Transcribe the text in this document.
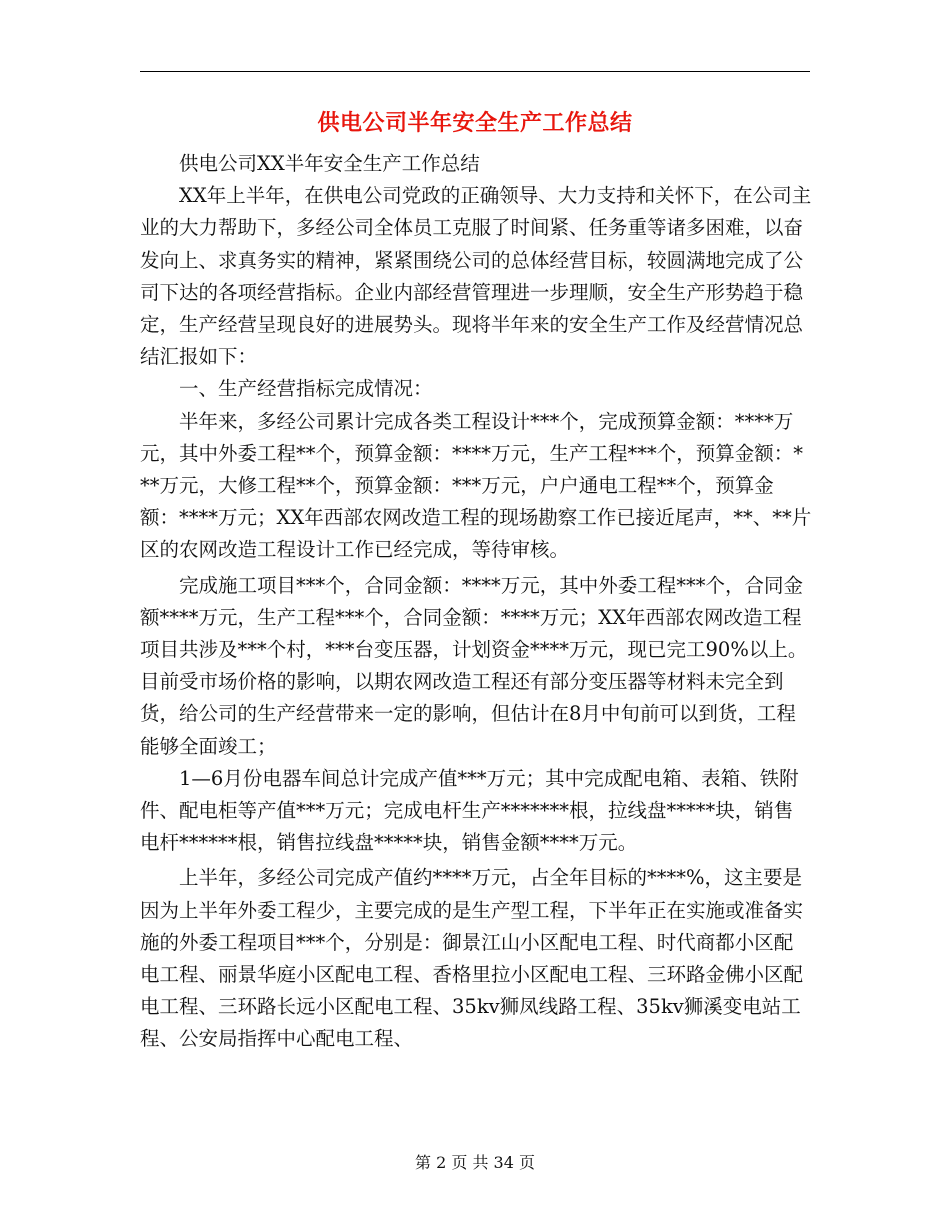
供电公司半年安全生产工作总结

供电公司XX半年安全生产工作总结

XX年上半年，在供电公司党政的正确领导、大力支持和关怀下，在公司主业的大力帮助下，多经公司全体员工克服了时间紧、任务重等诸多困难，以奋发向上、求真务实的精神，紧紧围绕公司的总体经营目标，较圆满地完成了公司下达的各项经营指标。企业内部经营管理进一步理顺，安全生产形势趋于稳定，生产经营呈现良好的进展势头。现将半年来的安全生产工作及经营情况总结汇报如下：

一、生产经营指标完成情况：

半年来，多经公司累计完成各类工程设计***个，完成预算金额：****万元，其中外委工程**个，预算金额：****万元，生产工程***个，预算金额：***万元，大修工程**个，预算金额：***万元，户户通电工程**个，预算金额：****万元；XX年西部农网改造工程的现场勘察工作已接近尾声，**、**片区的农网改造工程设计工作已经完成，等待审核。

完成施工项目***个，合同金额：****万元，其中外委工程***个，合同金额****万元，生产工程***个，合同金额：****万元；XX年西部农网改造工程项目共涉及***个村，***台变压器，计划资金****万元，现已完工90%以上。目前受市场价格的影响，以期农网改造工程还有部分变压器等材料未完全到货，给公司的生产经营带来一定的影响，但估计在8月中旬前可以到货，工程能够全面竣工；

1—6月份电器车间总计完成产值***万元；其中完成配电箱、表箱、铁附件、配电柜等产值***万元；完成电杆生产*******根，拉线盘*****块，销售电杆******根，销售拉线盘*****块，销售金额****万元。

上半年，多经公司完成产值约****万元，占全年目标的****%，这主要是因为上半年外委工程少，主要完成的是生产型工程，下半年正在实施或准备实施的外委工程项目***个，分别是：御景江山小区配电工程、时代商都小区配电工程、丽景华庭小区配电工程、香格里拉小区配电工程、三环路金佛小区配电工程、三环路长远小区配电工程、35kv狮凤线路工程、35kv狮溪变电站工程、公安局指挥中心配电工程、

第 2 页 共 34 页
